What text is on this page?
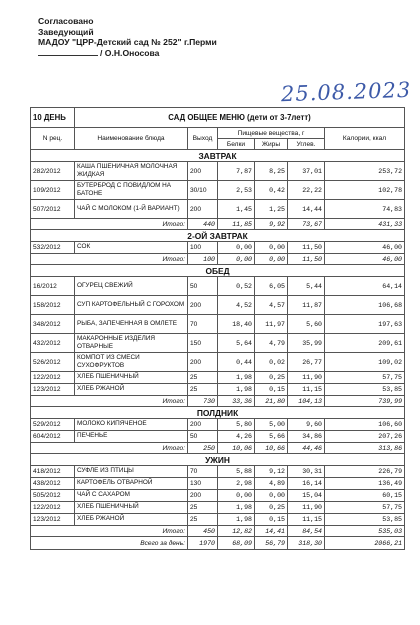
Согласовано
Заведующий
МАДОУ "ЦРР-Детский сад № 252" г.Перми
/ О.Н.Оносова
25.08.2023
10 ДЕНЬ	САД ОБЩЕЕ МЕНЮ (дети от 3-7летт)					
N рец.	Наименование блюда	Выход	Пищевые вещества, г			Калории, ккал
			Белки	Жиры	Углев.	
ЗАВТРАК						
282/2012	КАША ПШЕНИЧНАЯ МОЛОЧНАЯ ЖИДКАЯ	200	7,87	8,25	37,01	253,72
109/2012	БУТЕРБРОД С ПОВИДЛОМ НА БАТОНЕ	30/10	2,53	0,42	22,22	102,78
507/2012	ЧАЙ С МОЛОКОМ (1-Й ВАРИАНТ)	200	1,45	1,25	14,44	74,83
Итого:		440	11,85	9,92	73,67	431,33
2-ОЙ ЗАВТРАК						
532/2012	СОК	100	0,00	0,00	11,50	46,00
Итого:		100	0,00	0,00	11,50	46,00
ОБЕД						
16/2012	ОГУРЕЦ СВЕЖИЙ	50	0,52	6,05	5,44	64,14
158/2012	СУП КАРТОФЕЛЬНЫЙ С ГОРОХОМ	200	4,52	4,57	11,87	106,68
348/2012	РЫБА, ЗАПЕЧЕННАЯ В ОМЛЕТЕ	70	18,40	11,97	5,60	197,63
432/2012	МАКАРОННЫЕ ИЗДЕЛИЯ ОТВАРНЫЕ	150	5,64	4,79	35,99	209,61
526/2012	КОМПОТ ИЗ СМЕСИ СУХОФРУКТОВ	200	0,44	0,02	26,77	109,02
122/2012	ХЛЕБ ПШЕНИЧНЫЙ	25	1,98	0,25	11,90	57,75
123/2012	ХЛЕБ РЖАНОЙ	25	1,98	0,15	11,15	53,85
Итого:		730	33,36	21,80	104,13	739,99
ПОЛДНИК						
529/2012	МОЛОКО КИПЯЧЕНОЕ	200	5,80	5,00	9,60	106,60
604/2012	ПЕЧЕНЬЕ	50	4,26	5,66	34,86	207,26
Итого:		250	10,06	10,66	44,46	313,86
УЖИН						
418/2012	СУФЛЕ ИЗ ПТИЦЫ	70	5,88	9,12	30,31	226,79
438/2012	КАРТОФЕЛЬ ОТВАРНОЙ	130	2,98	4,89	16,14	136,49
505/2012	ЧАЙ С САХАРОМ	200	0,00	0,00	15,04	60,15
122/2012	ХЛЕБ ПШЕНИЧНЫЙ	25	1,98	0,25	11,90	57,75
123/2012	ХЛЕБ РЖАНОЙ	25	1,98	0,15	11,15	53,85
Итого:		450	12,82	14,41	84,54	535,03
Всего за день:		1970	68,09	56,79	318,30	2066,21
